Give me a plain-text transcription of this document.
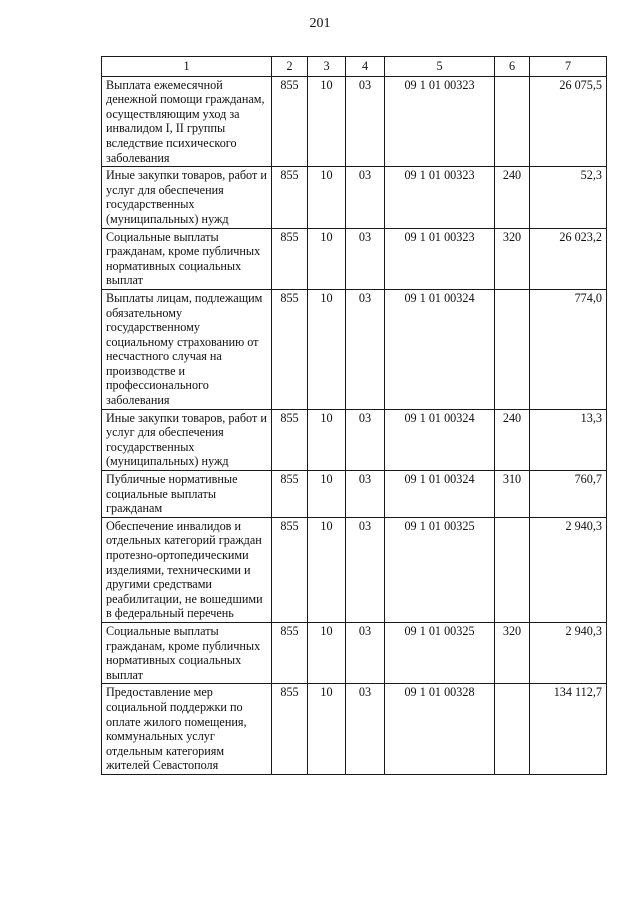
201
1	2	3	4	5	6	7
Выплата ежемесячной денежной помощи гражданам, осуществляющим уход за инвалидом I, II группы вследствие психического заболевания	855	10	03	09 1 01 00323		26 075,5
Иные закупки товаров, работ и услуг для обеспечения государственных (муниципальных) нужд	855	10	03	09 1 01 00323	240	52,3
Социальные выплаты гражданам, кроме публичных нормативных социальных выплат	855	10	03	09 1 01 00323	320	26 023,2
Выплаты лицам, подлежащим обязательному государственному социальному страхованию от несчастного случая на производстве и профессионального заболевания	855	10	03	09 1 01 00324		774,0
Иные закупки товаров, работ и услуг для обеспечения государственных (муниципальных) нужд	855	10	03	09 1 01 00324	240	13,3
Публичные нормативные социальные выплаты гражданам	855	10	03	09 1 01 00324	310	760,7
Обеспечение инвалидов и отдельных категорий граждан протезно-ортопедическими изделиями, техническими и другими средствами реабилитации, не вошедшими в федеральный перечень	855	10	03	09 1 01 00325		2 940,3
Социальные выплаты гражданам, кроме публичных нормативных социальных выплат	855	10	03	09 1 01 00325	320	2 940,3
Предоставление мер социальной поддержки по оплате жилого помещения, коммунальных услуг отдельным категориям жителей Севастополя	855	10	03	09 1 01 00328		134 112,7
